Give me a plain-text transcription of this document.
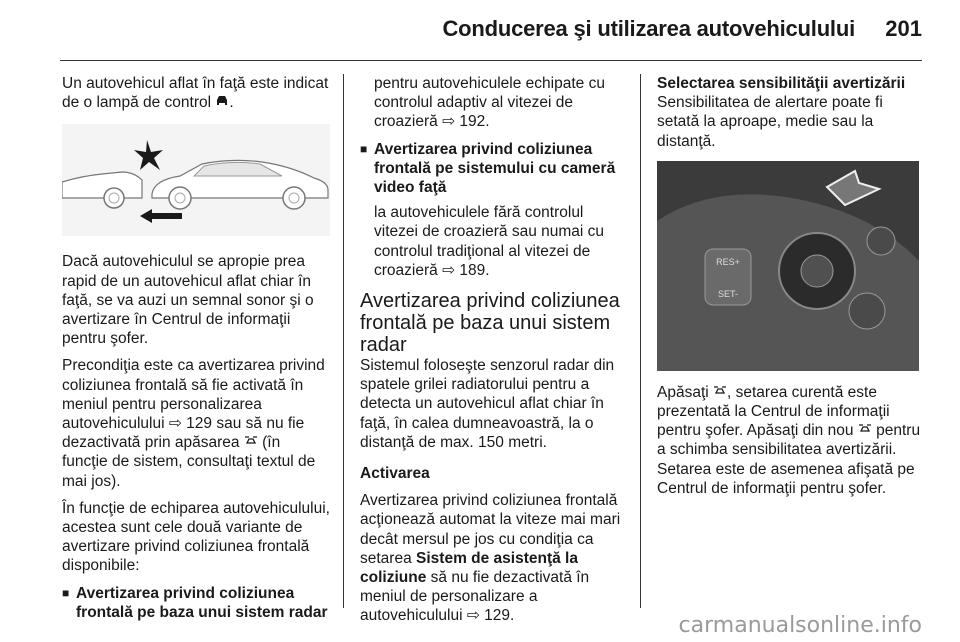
Conducerea şi utilizarea autovehiculului 201

Un autovehicul aflat în faţă este indicat de o lampă de control .

Dacă autovehiculul se apropie prea rapid de un autovehicul aflat chiar în faţă, se va auzi un semnal sonor şi o avertizare în Centrul de informaţii pentru şofer.

Precondiţia este ca avertizarea privind coliziunea frontală să fie activată în meniul pentru personalizarea autovehiculului ⇨ 129 sau să nu fie dezactivată prin apăsarea (în funcţie de sistem, consultaţi textul de mai jos).

În funcţie de echiparea autovehiculului, acestea sunt cele două variante de avertizare privind coliziunea frontală disponibile:

■ Avertizarea privind coliziunea frontală pe baza unui sistem radar

pentru autovehiculele echipate cu controlul adaptiv al vitezei de croazieră ⇨ 192.

■ Avertizarea privind coliziunea frontală pe sistemului cu cameră video faţă

la autovehiculele fără controlul vitezei de croazieră sau numai cu controlul tradiţional al vitezei de croazieră ⇨ 189.

Avertizarea privind coliziunea frontală pe baza unui sistem radar

Sistemul foloseşte senzorul radar din spatele grilei radiatorului pentru a detecta un autovehicul aflat chiar în faţă, în calea dumneavoastră, la o distanţă de max. 150 metri.

Activarea

Avertizarea privind coliziunea frontală acţionează automat la viteze mai mari decât mersul pe jos cu condiţia ca setarea Sistem de asistenţă la coliziune să nu fie dezactivată în meniul de personalizare a autovehiculului ⇨ 129.

Selectarea sensibilităţii avertizării

Sensibilitatea de alertare poate fi setată la aproape, medie sau la distanţă.

RES+
SET-

Apăsaţi , setarea curentă este prezentată la Centrul de informaţii pentru şofer. Apăsaţi din nou pentru a schimba sensibilitatea avertizării. Setarea este de asemenea afişată pe Centrul de informaţii pentru şofer.

carmanualsonline.info
